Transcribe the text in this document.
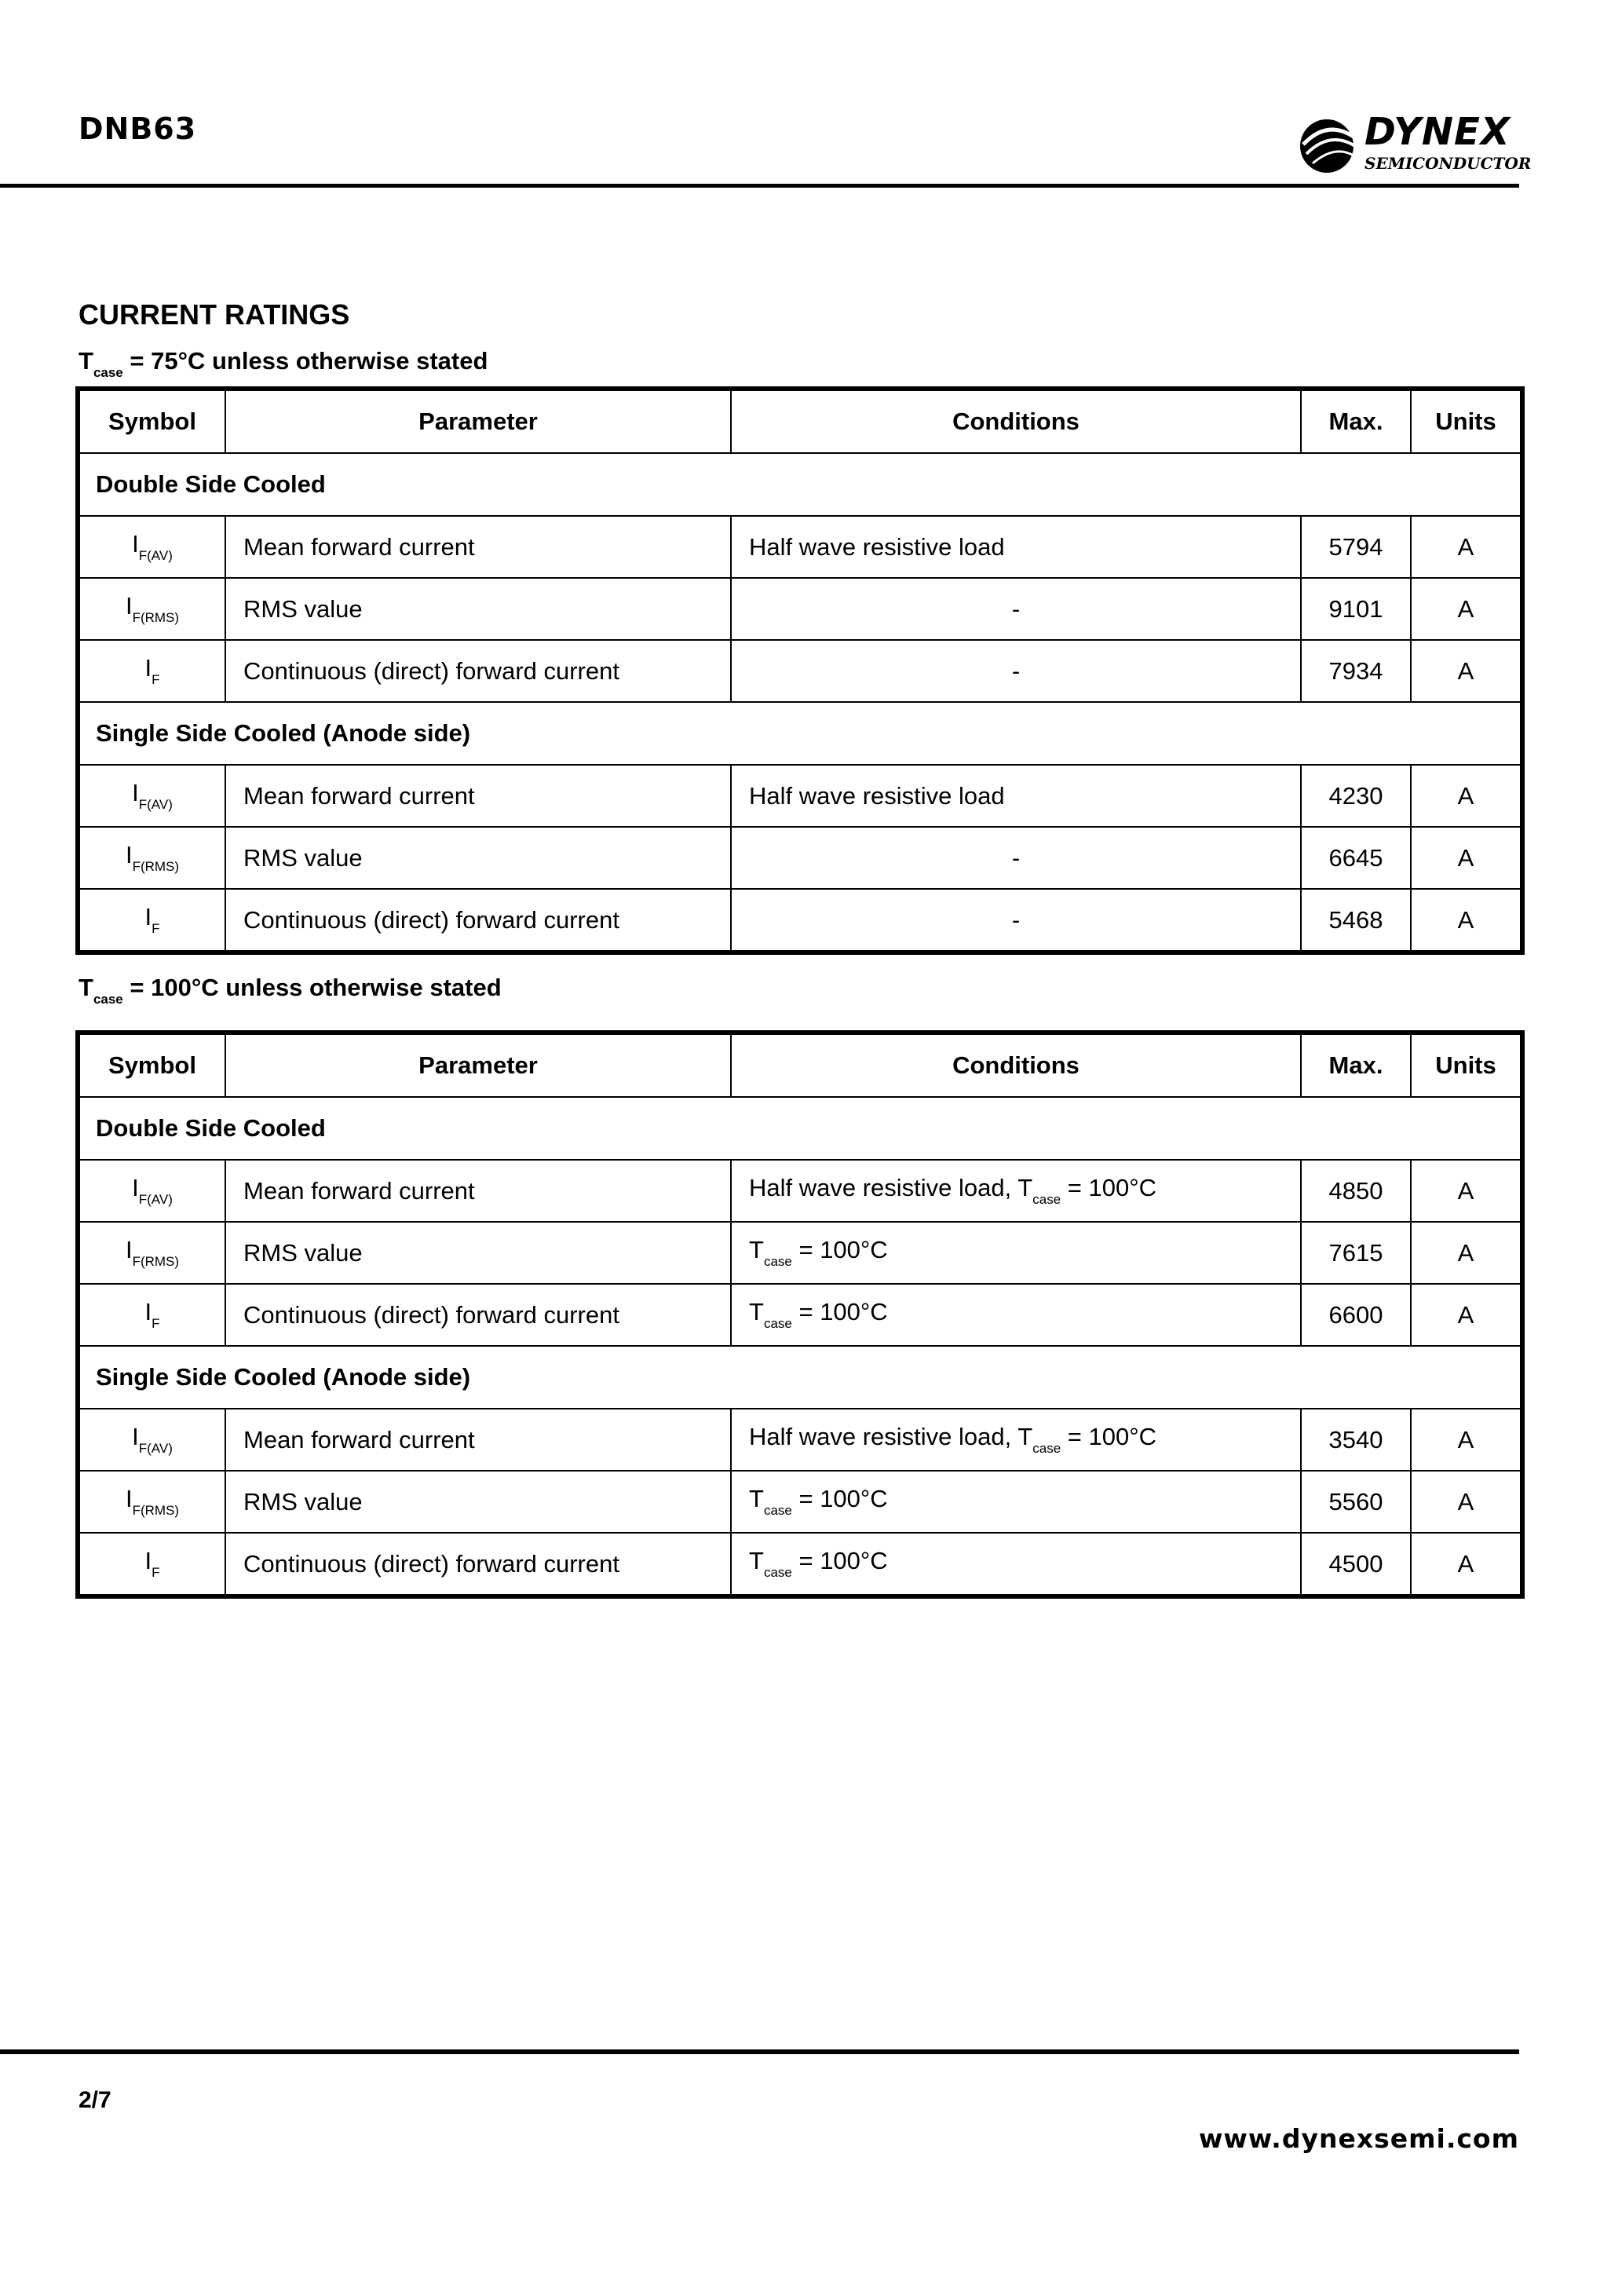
DNB63	DYNEX
SEMICONDUCTOR
CURRENT RATINGS
$T_{case} = 75^\circ C$ unless otherwise stated
Symbol	Parameter	Conditions	Max.	Units
Double Side Cooled				
$I_{F(AV)}$	Mean forward current	Half wave resistive load	5794	A
$I_{F(RMS)}$	RMS value	-	9101	A
$I_F$	Continuous (direct) forward current	-	7934	A
Single Side Cooled (Anode side)				
$I_{F(AV)}$	Mean forward current	Half wave resistive load	4230	A
$I_{F(RMS)}$	RMS value	-	6645	A
$I_F$	Continuous (direct) forward current	-	5468	A
$T_{case} = 100^\circ C$ unless otherwise stated
Symbol	Parameter	Conditions	Max.	Units
Double Side Cooled				
$I_{F(AV)}$	Mean forward current	Half wave resistive load, $T_{case} = 100^\circ C$	4850	A
$I_{F(RMS)}$	RMS value	$T_{case} = 100^\circ C$	7615	A
$I_F$	Continuous (direct) forward current	$T_{case} = 100^\circ C$	6600	A
Single Side Cooled (Anode side)				
$I_{F(AV)}$	Mean forward current	Half wave resistive load, $T_{case} = 100^\circ C$	3540	A
$I_{F(RMS)}$	RMS value	$T_{case} = 100^\circ C$	5560	A
$I_F$	Continuous (direct) forward current	$T_{case} = 100^\circ C$	4500	A
2/7
www.dynexsemi.com
